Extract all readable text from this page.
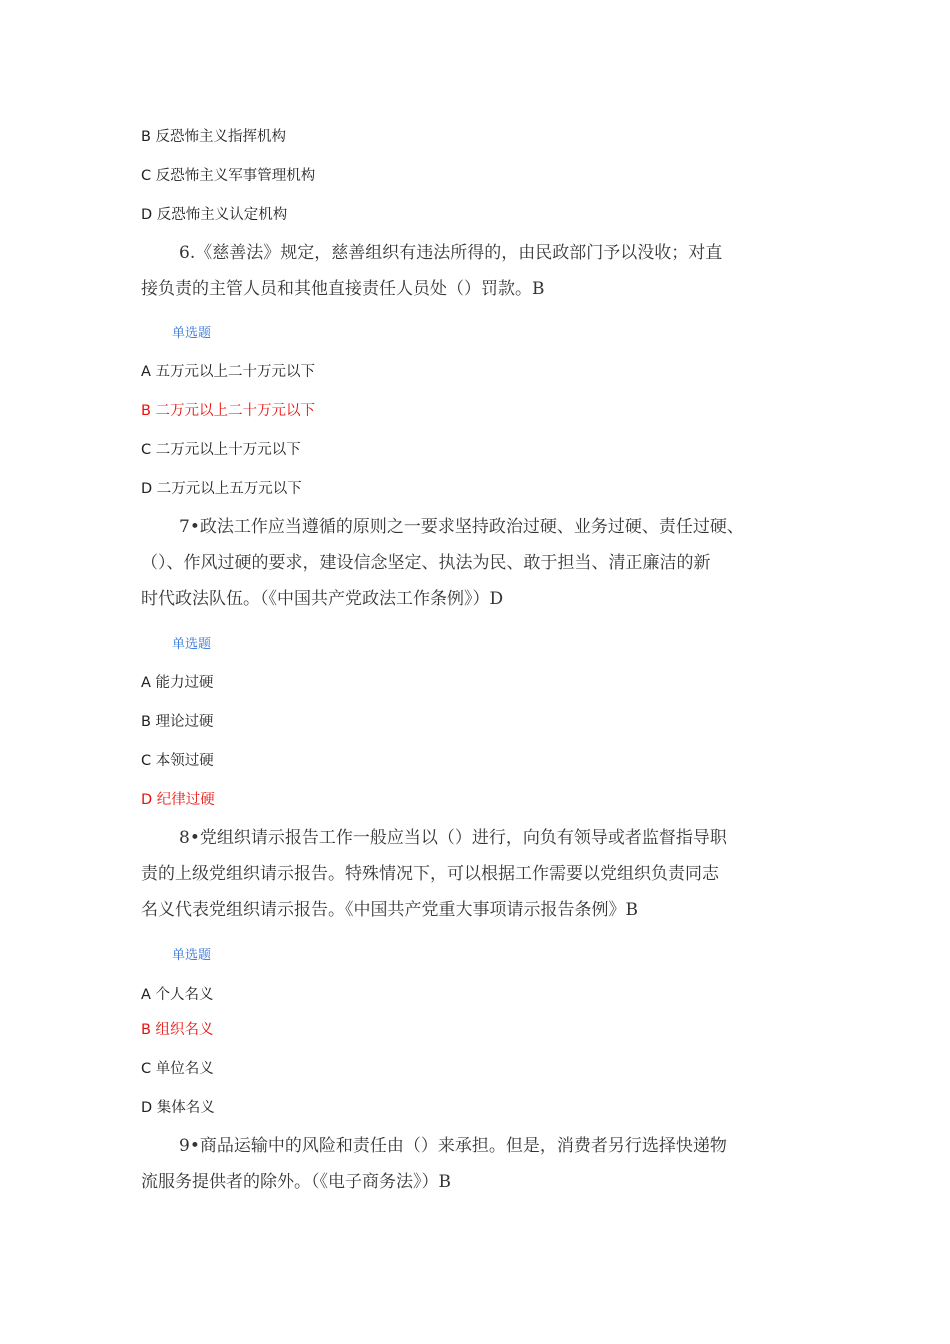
B 反恐怖主义指挥机构
C 反恐怖主义军事管理机构
D 反恐怖主义认定机构
6.《慈善法》规定，慈善组织有违法所得的，由民政部门予以没收；对直
接负责的主管人员和其他直接责任人员处（）罚款。B
单选题
A 五万元以上二十万元以下
B 二万元以上二十万元以下
C 二万元以上十万元以下
D 二万元以上五万元以下
7•政法工作应当遵循的原则之一要求坚持政治过硬、业务过硬、责任过硬、
（）、作风过硬的要求，建设信念坚定、执法为民、敢于担当、清正廉洁的新
时代政法队伍。（《中国共产党政法工作条例》）D
单选题
A 能力过硬
B 理论过硬
C 本领过硬
D 纪律过硬
8•党组织请示报告工作一般应当以（）进行，向负有领导或者监督指导职
责的上级党组织请示报告。特殊情况下，可以根据工作需要以党组织负责同志
名义代表党组织请示报告。《中国共产党重大事项请示报告条例》B
单选题
A 个人名义
B 组织名义
C 单位名义
D 集体名义
9•商品运输中的风险和责任由（）来承担。但是，消费者另行选择快递物
流服务提供者的除外。（《电子商务法》）B
